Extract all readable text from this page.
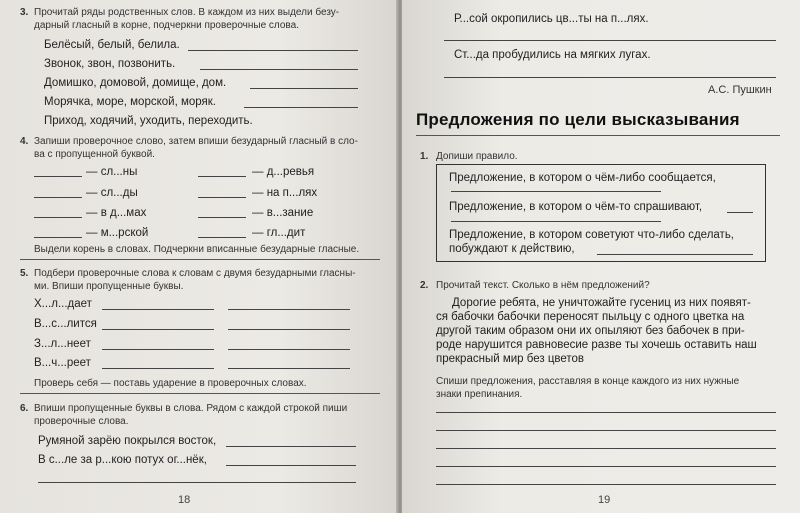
3. Прочитай ряды родственных слов. В каждом из них выдели безу-
дарный гласный в корне, подчеркни проверочные слова.
Белёсый, белый, белила.
Звонок, звон, позвонить.
Домишко, домовой, домище, дом.
Морячка, море, морской, моряк.
Приход, ходячий, уходить, переходить.
4. Запиши проверочное слово, затем впиши безударный гласный в сло-
ва с пропущенной буквой.
— сл...ны	— д...ревья
— сл...ды	— на п...лях
— в д...мах	— в...зание
— м...рской	— гл...дит
Выдели корень в словах. Подчеркни вписанные безударные гласные.
5. Подбери проверочные слова к словам с двумя безударными гласны-
ми. Впиши пропущенные буквы.
Х...л...дает
В...с...лится
З...л...неет
В...ч...реет
Проверь себя — поставь ударение в проверочных словах.
6. Впиши пропущенные буквы в слова. Рядом с каждой строкой пиши
проверочные слова.
Румяной зарёю покрылся восток,
В с...ле за р...кою потух ог...нёк,
18
Р...сой окропились цв...ты на п...лях.
Ст...да пробудились на мягких лугах.
А.С. Пушкин
Предложения по цели высказывания
1. Допиши правило.
Предложение, в котором о чём-либо сообщается,
Предложение, в котором о чём-то спрашивают,
Предложение, в котором советуют что-либо сделать,
побуждают к действию,
2. Прочитай текст. Сколько в нём предложений?
Дорогие ребята, не уничтожайте гусениц из них появят-
ся бабочки бабочки переносят пыльцу с одного цветка на
другой таким образом они их опыляют без бабочек в при-
роде нарушится равновесие разве ты хочешь оставить наш
прекрасный мир без цветов
Спиши предложения, расставляя в конце каждого из них нужные
знаки препинания.
19
